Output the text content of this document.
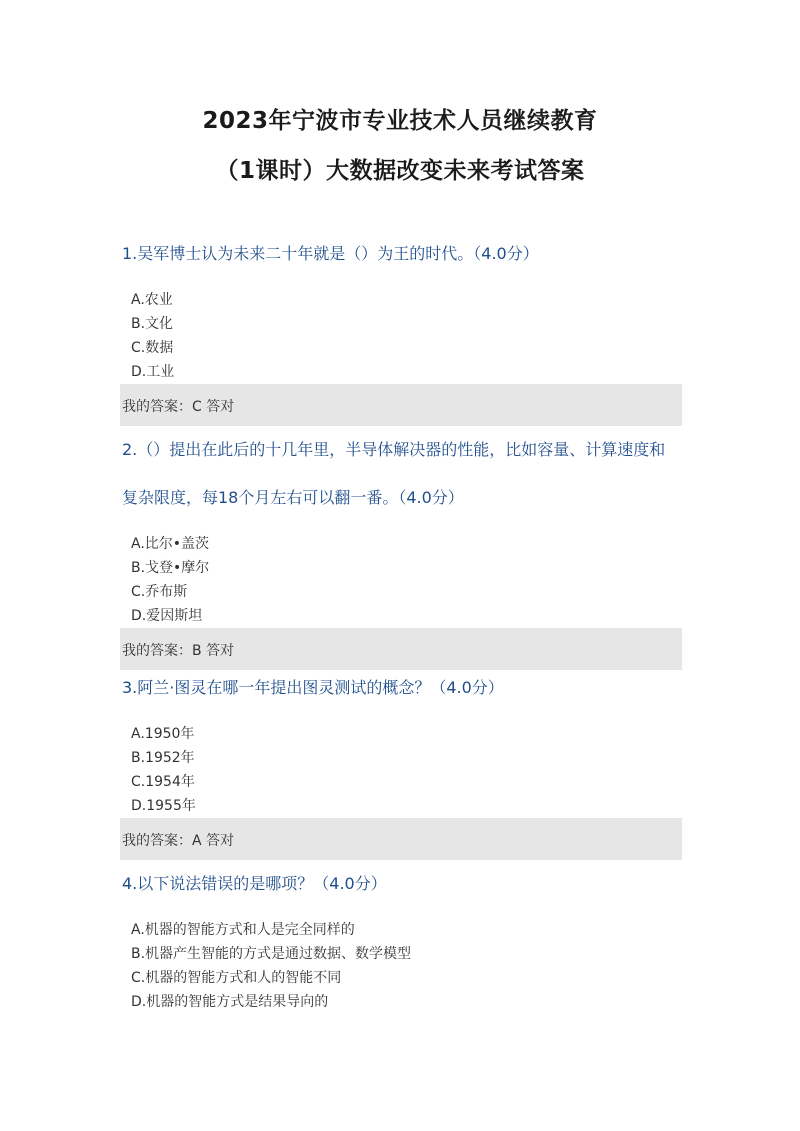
2023年宁波市专业技术人员继续教育
（1课时）大数据改变未来考试答案

1.吴军博士认为未来二十年就是（）为王的时代。（4.0分）

A.农业
B.文化
C.数据
D.工业
我的答案：C 答对

2.（）提出在此后的十几年里，半导体解决器的性能，比如容量、计算速度和

复杂限度，每18个月左右可以翻一番。（4.0分）

A.比尔•盖茨
B.戈登•摩尔
C.乔布斯
D.爱因斯坦
我的答案：B 答对

3.阿兰·图灵在哪一年提出图灵测试的概念？（4.0分）

A.1950年
B.1952年
C.1954年
D.1955年
我的答案：A 答对

4.以下说法错误的是哪项？（4.0分）

A.机器的智能方式和人是完全同样的
B.机器产生智能的方式是通过数据、数学模型
C.机器的智能方式和人的智能不同
D.机器的智能方式是结果导向的
